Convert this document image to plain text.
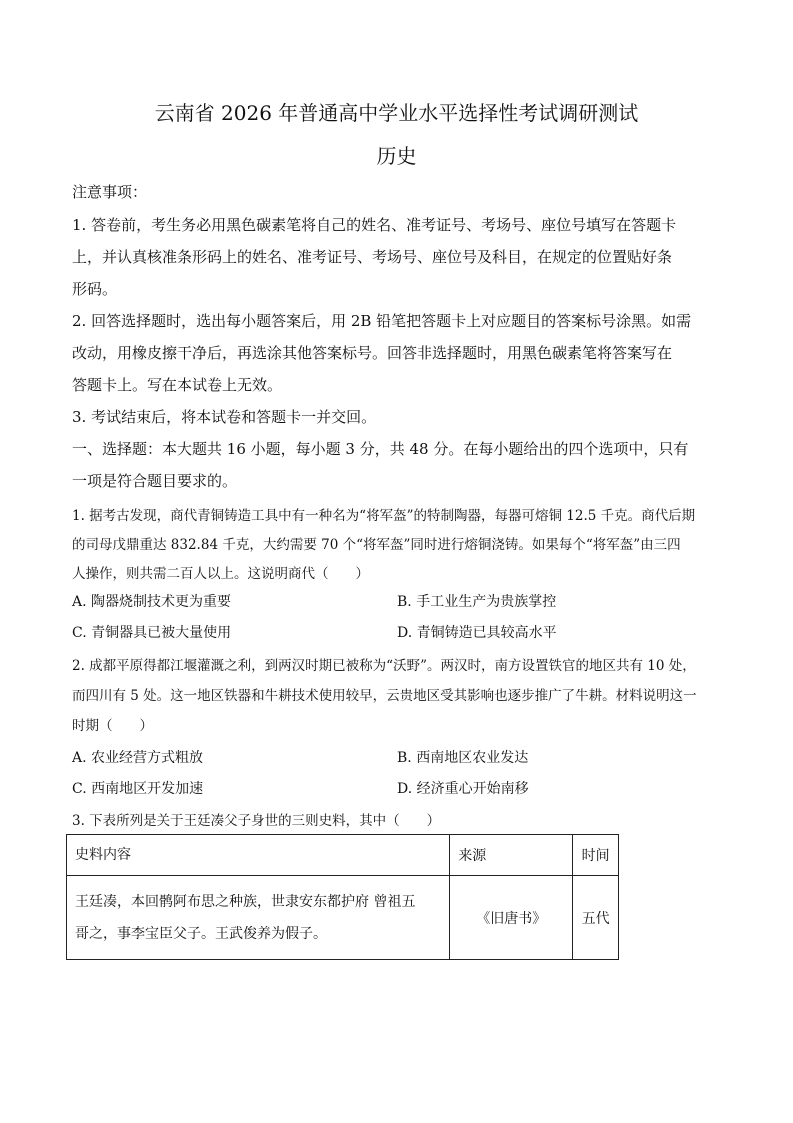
云南省 2026 年普通高中学业水平选择性考试调研测试
历史
注意事项：
1. 答卷前，考生务必用黑色碳素笔将自己的姓名、准考证号、考场号、座位号填写在答题卡
上，并认真核准条形码上的姓名、准考证号、考场号、座位号及科目，在规定的位置贴好条
形码。
2. 回答选择题时，选出每小题答案后，用 2B 铅笔把答题卡上对应题目的答案标号涂黑。如需
改动，用橡皮擦干净后，再选涂其他答案标号。回答非选择题时，用黑色碳素笔将答案写在
答题卡上。写在本试卷上无效。
3. 考试结束后，将本试卷和答题卡一并交回。
一、选择题：本大题共 16 小题，每小题 3 分，共 48 分。在每小题给出的四个选项中，只有
一项是符合题目要求的。
1. 据考古发现，商代青铜铸造工具中有一种名为“将军盔”的特制陶器，每器可熔铜 12.5 千克。商代后期
的司母戊鼎重达 832.84 千克，大约需要 70 个“将军盔”同时进行熔铜浇铸。如果每个“将军盔”由三四
人操作，则共需二百人以上。这说明商代（　　）
A. 陶器烧制技术更为重要	B. 手工业生产为贵族掌控
C. 青铜器具已被大量使用	D. 青铜铸造已具较高水平
2. 成都平原得都江堰灌溉之利，到两汉时期已被称为“沃野”。两汉时，南方设置铁官的地区共有 10 处，
而四川有 5 处。这一地区铁器和牛耕技术使用较早，云贵地区受其影响也逐步推广了牛耕。材料说明这一
时期（　　）
A. 农业经营方式粗放	B. 西南地区农业发达
C. 西南地区开发加速	D. 经济重心开始南移
3. 下表所列是关于王廷凑父子身世的三则史料，其中（　　）
史料内容	来源	时间

王廷凑，本回鹘阿布思之种族，世隶安东都护府 曾祖五
哥之，事李宝臣父子。王武俊养为假子。	《旧唐书》	五代
